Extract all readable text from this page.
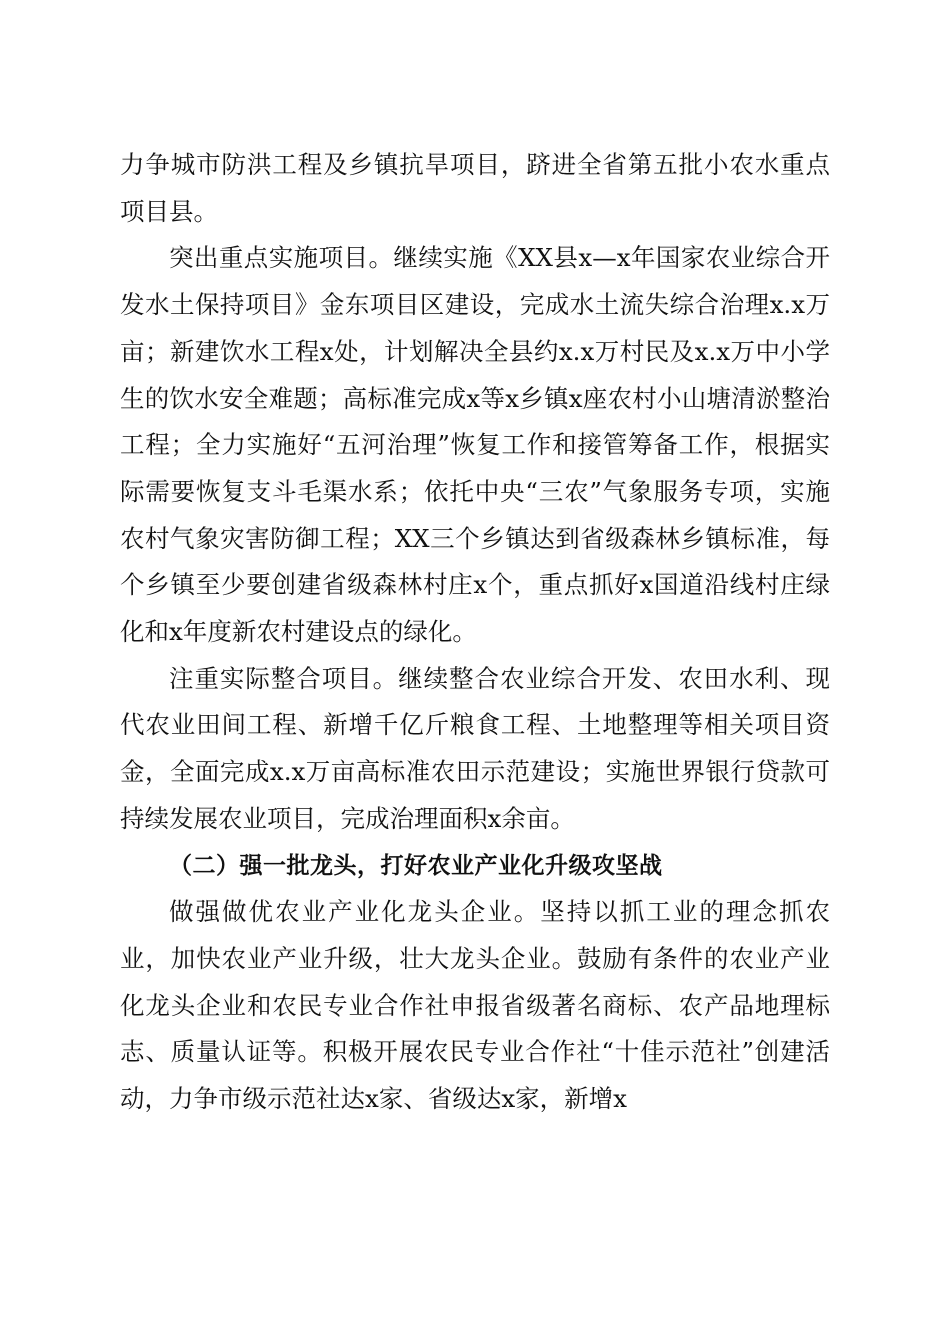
力争城市防洪工程及乡镇抗旱项目，跻进全省第五批小农水重点项目县。

突出重点实施项目。继续实施《XX县x—x年国家农业综合开发水土保持项目》金东项目区建设，完成水土流失综合治理x.x万亩；新建饮水工程x处，计划解决全县约x.x万村民及x.x万中小学生的饮水安全难题；高标准完成x等x乡镇x座农村小山塘清淤整治工程；全力实施好“五河治理”恢复工作和接管筹备工作，根据实际需要恢复支斗毛渠水系；依托中央“三农”气象服务专项，实施农村气象灾害防御工程；XX三个乡镇达到省级森林乡镇标准，每个乡镇至少要创建省级森林村庄x个，重点抓好x国道沿线村庄绿化和x年度新农村建设点的绿化。

注重实际整合项目。继续整合农业综合开发、农田水利、现代农业田间工程、新增千亿斤粮食工程、土地整理等相关项目资金，全面完成x.x万亩高标准农田示范建设；实施世界银行贷款可持续发展农业项目，完成治理面积x余亩。

（二）强一批龙头，打好农业产业化升级攻坚战

做强做优农业产业化龙头企业。坚持以抓工业的理念抓农业，加快农业产业升级，壮大龙头企业。鼓励有条件的农业产业化龙头企业和农民专业合作社申报省级著名商标、农产品地理标志、质量认证等。积极开展农民专业合作社“十佳示范社”创建活动，力争市级示范社达x家、省级达x家，新增x
